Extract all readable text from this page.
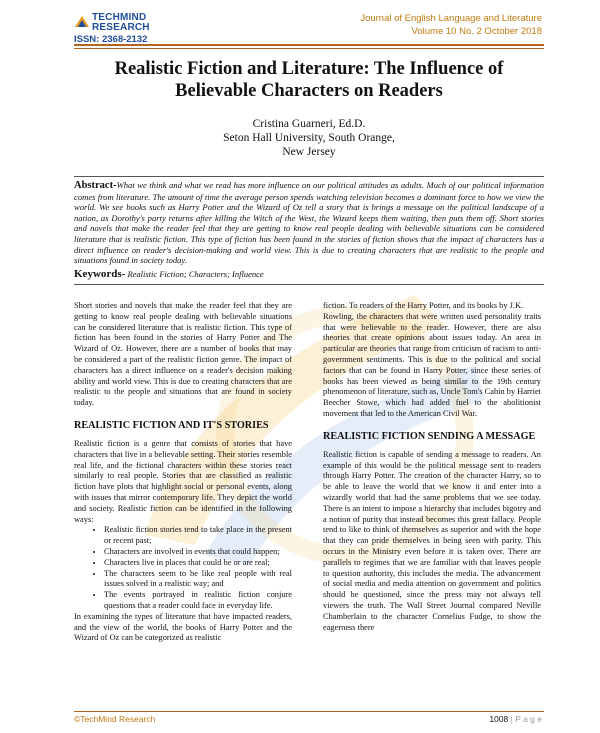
TECHMIND
RESEARCH
ISSN: 2368-2132
Journal of English Language and Literature
Volume 10 No. 2 October 2018
Realistic Fiction and Literature: The Influence of
Believable Characters on Readers
Cristina Guarneri, Ed.D.
Seton Hall University, South Orange,
New Jersey
Abstract-What we think and what we read has more influence on our political attitudes as adults. Much of our political information comes from literature. The amount of time the average person spends watching television becomes a dominant force to how we view the world. We see books such as Harry Potter and the Wizard of Oz tell a story that is brings a message on the political landscape of a nation, as Dorothy's party returns after killing the Witch of the West, the Wizard keeps them waiting, then puts them off. Short stories and novels that make the reader feel that they are getting to know real people dealing with believable situations can be considered literature that is realistic fiction. This type of fiction has been found in the stories of fiction shows that the impact of characters has a direct influence on reader's decision-making and world view. This is due to creating characters that are realistic to the people and situations found in society today.
Keywords- Realistic Fiction; Characters; Influence

Short stories and novels that make the reader feel that they are getting to know real people dealing with believable situations can be considered literature that is realistic fiction. This type of fiction has been found in the stories of Harry Potter and The Wizard of Oz. However, there are a number of books that may be considered a part of the realistic fiction genre. The impact of characters has a direct influence on a reader's decision making ability and world view. This is due to creating characters that are realistic to the people and situations that are found in society today.

REALISTIC FICTION AND IT'S STORIES

Realistic fiction is a genre that consists of stories that have characters that live in a believable setting. Their stories resemble real life, and the fictional characters within these stories react similarly to real people. Stories that are classified as realistic fiction have plots that highlight social or personal events, along with issues that mirror contemporary life. They depict the world and society. Realistic fiction can be identified in the following ways:

• Realistic fiction stories tend to take place in the present or recent past;
• Characters are involved in events that could happen;
• Characters live in places that could be or are real;
• The characters seem to be like real people with real issues solved in a realistic way; and
• The events portrayed in realistic fiction conjure questions that a reader could face in everyday life.

In examining the types of literature that have impacted readers, and the view of the world, the books of Harry Potter and the Wizard of Oz can be categorized as realistic

fiction. To readers of the Harry Potter, and its books by J.K.

Rowling, the characters that were written used personality traits that were believable to the reader. However, there are also theories that create opinions about issues today. An area in particular are theories that range from criticism of racism to anti-government sentiments. This is due to the political and social factors that can be found in Harry Potter, since these series of books has been viewed as being similar to the 19th century phenomenon of literature, such as, Uncle Tom's Cabin by Harriet Beecher Stowe, which had added fuel to the abolitionist movement that led to the American Civil War.

REALISTIC FICTION SENDING A MESSAGE

Realistic fiction is capable of sending a message to readers. An example of this would be the political message sent to readers through Harry Potter. The creation of the character Harry, so to be able to leave the world that we know it and enter into a wizardly world that had the same problems that we see today. There is an intent to impose a hierarchy that includes bigotry and a notion of purity that instead becomes this great fallacy. People tend to like to think of themselves as superior and with the hope that they can pride themselves in being seen with parity. This occurs in the Ministry even before it is taken over. There are parallels to regimes that we are familiar with that leaves people to question authority, this includes the media. The advancement of social media and media attention on government and politics should be questioned, since the press may not always tell viewers the truth. The Wall Street Journal compared Neville Chamberlain to the character Cornelius Fudge, to show the eagerness there

©TechMind Research	1008 | P a g e
